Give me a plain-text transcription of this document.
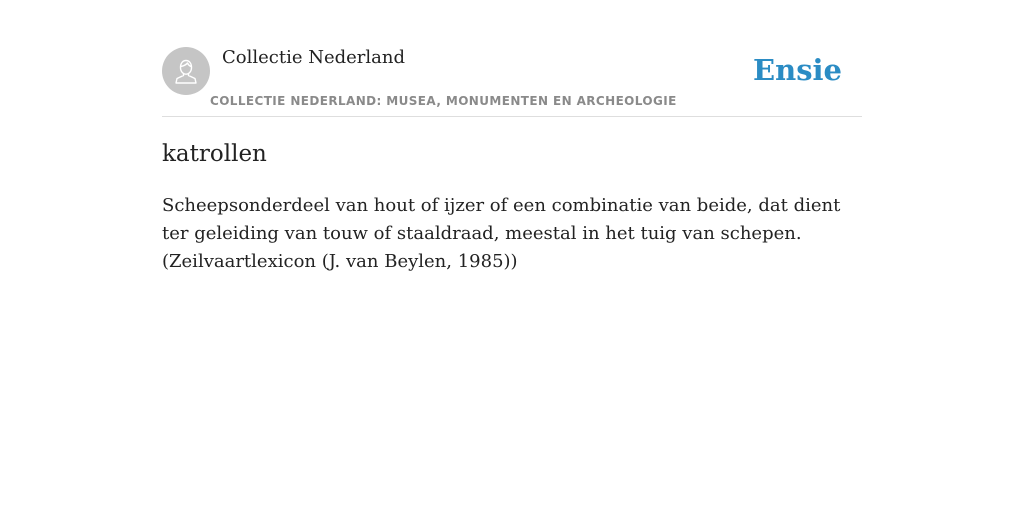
Collectie Nederland
COLLECTIE NEDERLAND: MUSEA, MONUMENTEN EN ARCHEOLOGIE
Ensie
katrollen

Scheepsonderdeel van hout of ijzer of een combinatie van beide, dat dient ter geleiding van touw of staaldraad, meestal in het tuig van schepen. (Zeilvaartlexicon (J. van Beylen, 1985))
